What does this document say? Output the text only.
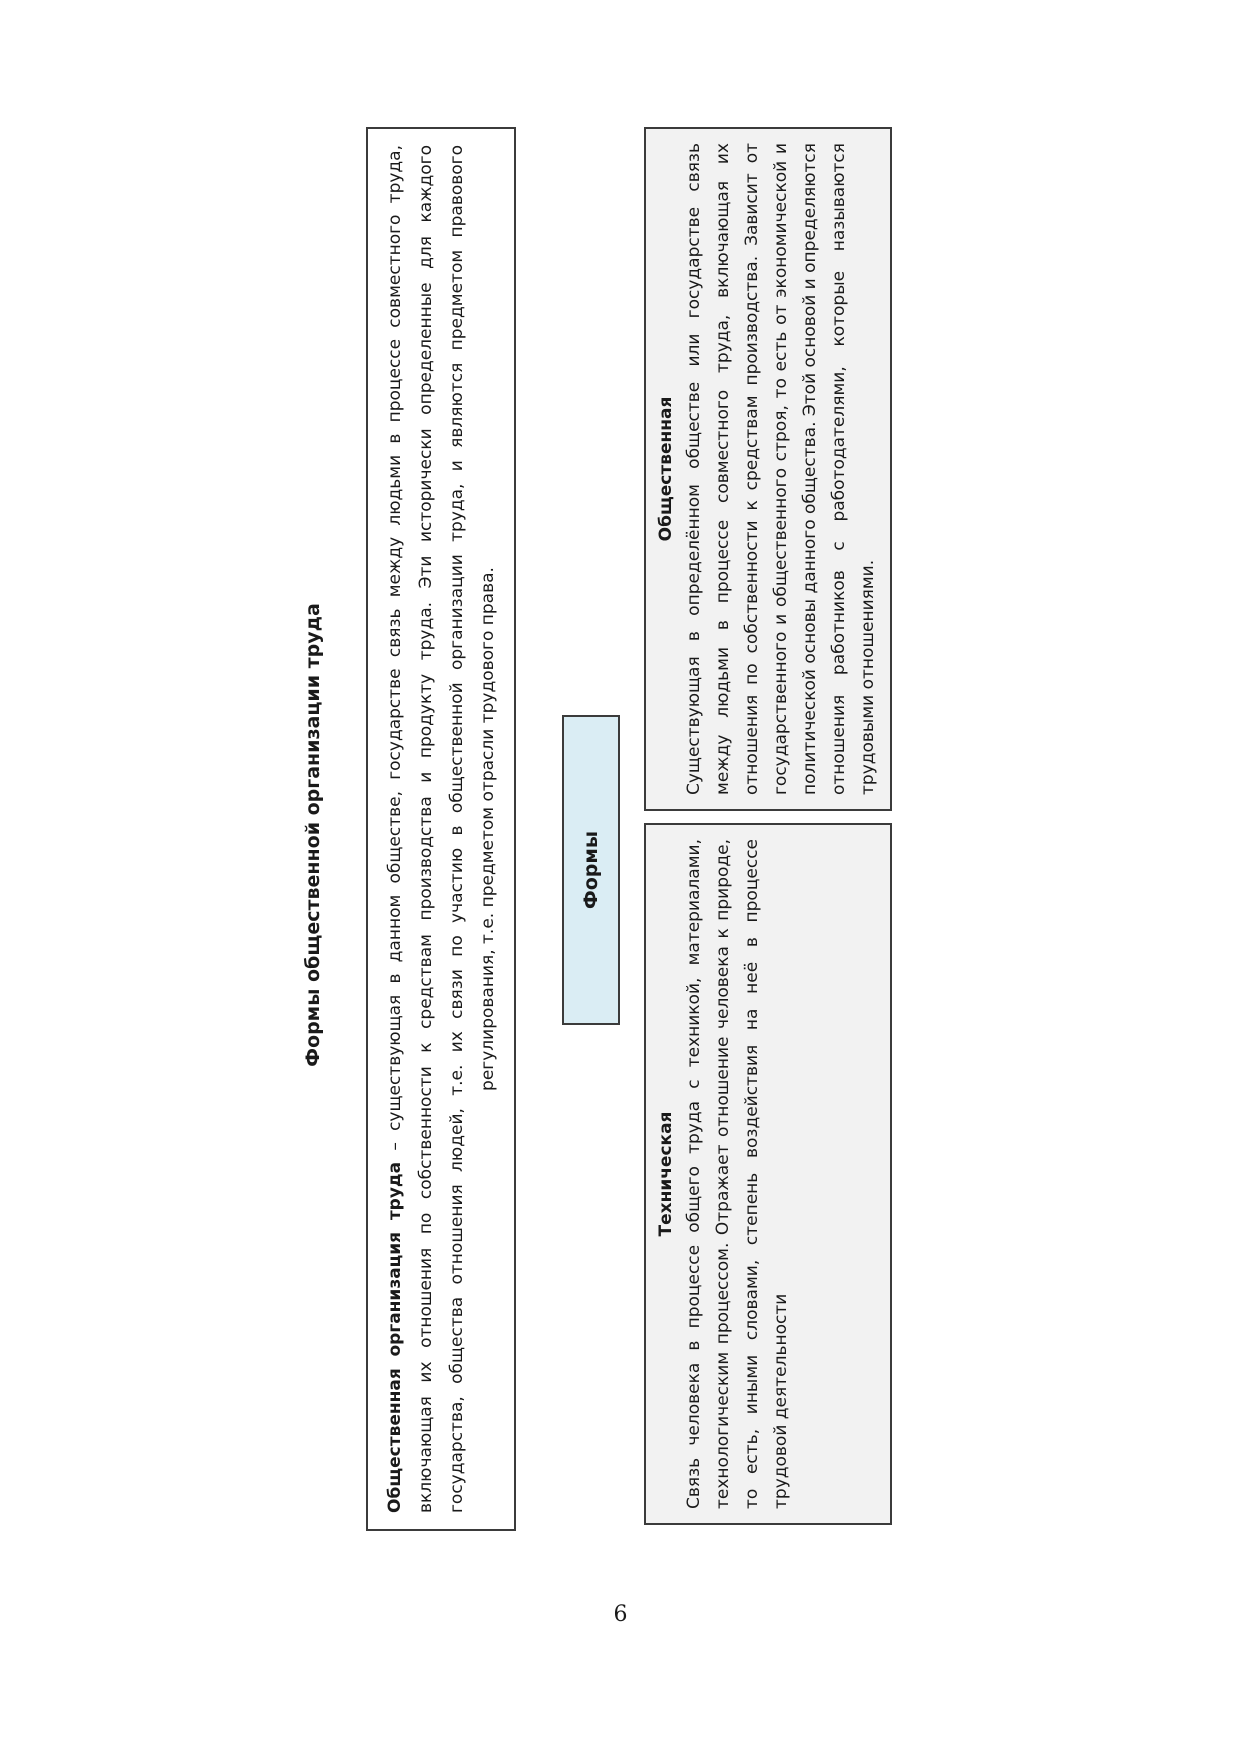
Формы общественной организации труда
Общественная организация труда – существующая в данном обществе, государстве связь между людьми в процессе совместного труда, включающая их отношения по собственности к средствам производства и продукту труда. Эти исторически определенные для каждого государства, общества отношения людей, т.е. их связи по участию в общественной организации труда, и являются предметом правового регулирования, т.е. предметом отрасли трудового права.	Формы
Техническая Связь человека в процессе общего труда с техникой, материалами, технологическим процессом. Отражает отношение человека к природе, то есть, иными словами, степень воздействия на неё в процессе трудовой деятельности
Общественная Существующая в определённом обществе или государстве связь между людьми в процессе совместного труда, включающая их отношения по собственности к средствам производства. Зависит от государственного и общественного строя, то есть от экономической и политической основы данного общества. Этой основой и определяются отношения работников с работодателями, которые называются трудовыми отношениями.
6
